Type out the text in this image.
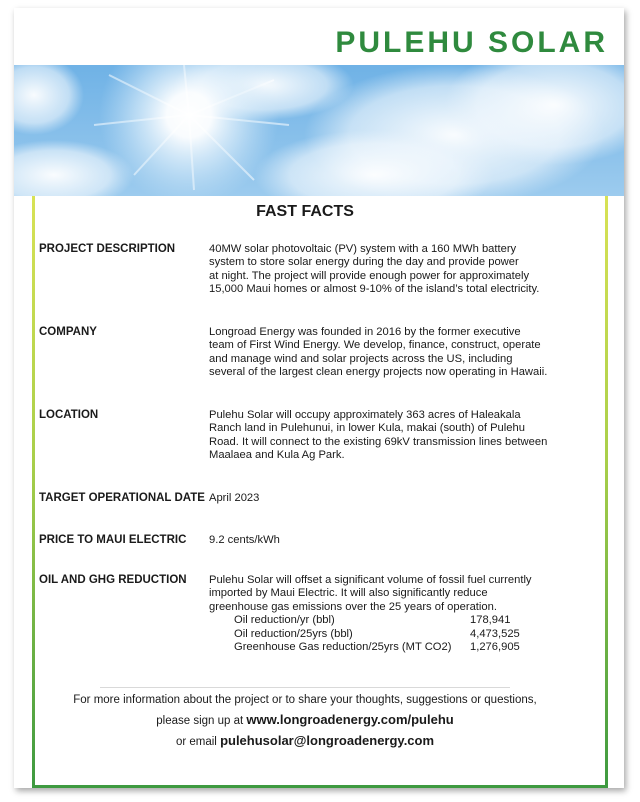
PULEHU SOLAR
FAST FACTS
PROJECT DESCRIPTION	40MW solar photovoltaic (PV) system with a 160 MWh battery
system to store solar energy during the day and provide power
at night. The project will provide enough power for approximately
15,000 Maui homes or almost 9-10% of the island’s total electricity.
COMPANY	Longroad Energy was founded in 2016 by the former executive
team of First Wind Energy. We develop, finance, construct, operate
and manage wind and solar projects across the US, including
several of the largest clean energy projects now operating in Hawaii.
LOCATION	Pulehu Solar will occupy approximately 363 acres of Haleakala
Ranch land in Pulehunui, in lower Kula, makai (south) of Pulehu
Road. It will connect to the existing 69kV transmission lines between
Maalaea and Kula Ag Park.
TARGET OPERATIONAL DATE April 2023
PRICE TO MAUI ELECTRIC	9.2 cents/kWh
OIL AND GHG REDUCTION	Pulehu Solar will offset a significant volume of fossil fuel currently
imported by Maui Electric. It will also significantly reduce
greenhouse gas emissions over the 25 years of operation.
Oil reduction/yr (bbl)	178,941
Oil reduction/25yrs (bbl)	4,473,525
Greenhouse Gas reduction/25yrs (MT CO2)	1,276,905
For more information about the project or to share your thoughts, suggestions or questions,
please sign up at www.longroadenergy.com/pulehu
or email pulehusolar@longroadenergy.com
